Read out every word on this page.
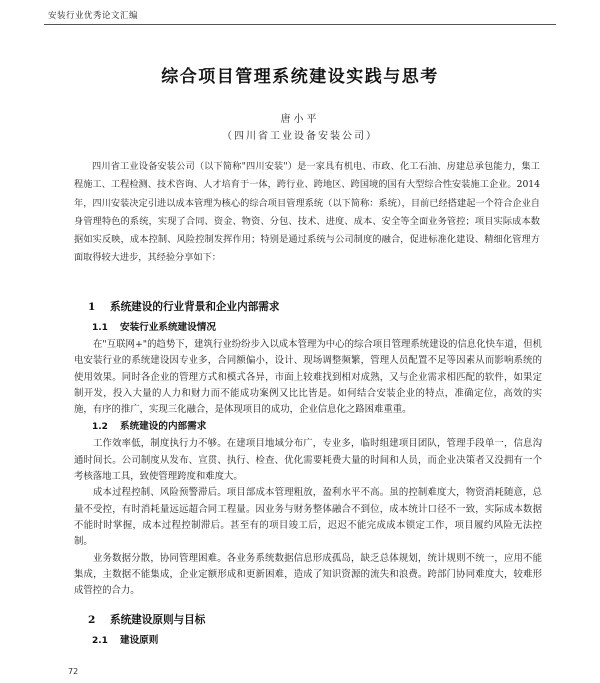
安装行业优秀论文汇编
综合项目管理系统建设实践与思考
唐小平
（四川省工业设备安装公司）

四川省工业设备安装公司（以下简称"四川安装"）是一家具有机电、市政、化工石油、房建总承包能力，集工程施工、工程检测、技术咨询、人才培育于一体，跨行业、跨地区、跨国境的国有大型综合性安装施工企业。2014年，四川安装决定引进以成本管理为核心的综合项目管理系统（以下简称：系统），目前已经搭建起一个符合企业自身管理特色的系统，实现了合同、资金、物资、分包、技术、进度、成本、安全等全面业务管控；项目实际成本数据如实反映，成本控制、风险控制发挥作用；特别是通过系统与公司制度的融合，促进标准化建设、精细化管理方面取得较大进步，其经验分享如下：

1 系统建设的行业背景和企业内部需求
1.1 安装行业系统建设情况

在"互联网+"的趋势下，建筑行业纷纷步入以成本管理为中心的综合项目管理系统建设的信息化快车道，但机电安装行业的系统建设因专业多，合同额偏小，设计、现场调整频繁，管理人员配置不足等因素从而影响系统的使用效果。同时各企业的管理方式和模式各异，市面上较难找到相对成熟，又与企业需求相匹配的软件，如果定制开发，投入大量的人力和财力而不能成功案例又比比皆是。如何结合安装企业的特点，准确定位，高效的实施，有序的推广，实现三化融合，是体现项目的成功，企业信息化之路困难重重。

1.2 系统建设的内部需求

工作效率低，制度执行力不够。在建项目地域分布广，专业多，临时组建项目团队，管理手段单一，信息沟通时间长。公司制度从发布、宣贯、执行、检查、优化需要耗费大量的时间和人员，而企业决策者又没拥有一个考核落地工具，致使管理跨度和难度大。

成本过程控制、风险预警滞后。项目部成本管理粗放，盈利水平不高。虽的控制难度大，物资消耗随意，总量不受控，有时消耗量远远超合同工程量。因业务与财务整体融合不到位，成本统计口径不一致，实际成本数据不能时时掌握，成本过程控制滞后。甚至有的项目竣工后，迟迟不能完成成本锁定工作，项目履约风险无法控制。

业务数据分散，协同管理困难。各业务系统数据信息形成孤岛，缺乏总体规划，统计规则不统一，应用不能集成，主数据不能集成，企业定额形成和更新困难，造成了知识资源的流失和浪费。跨部门协同难度大，较难形成管控的合力。

2 系统建设原则与目标
2.1 建设原则
72
